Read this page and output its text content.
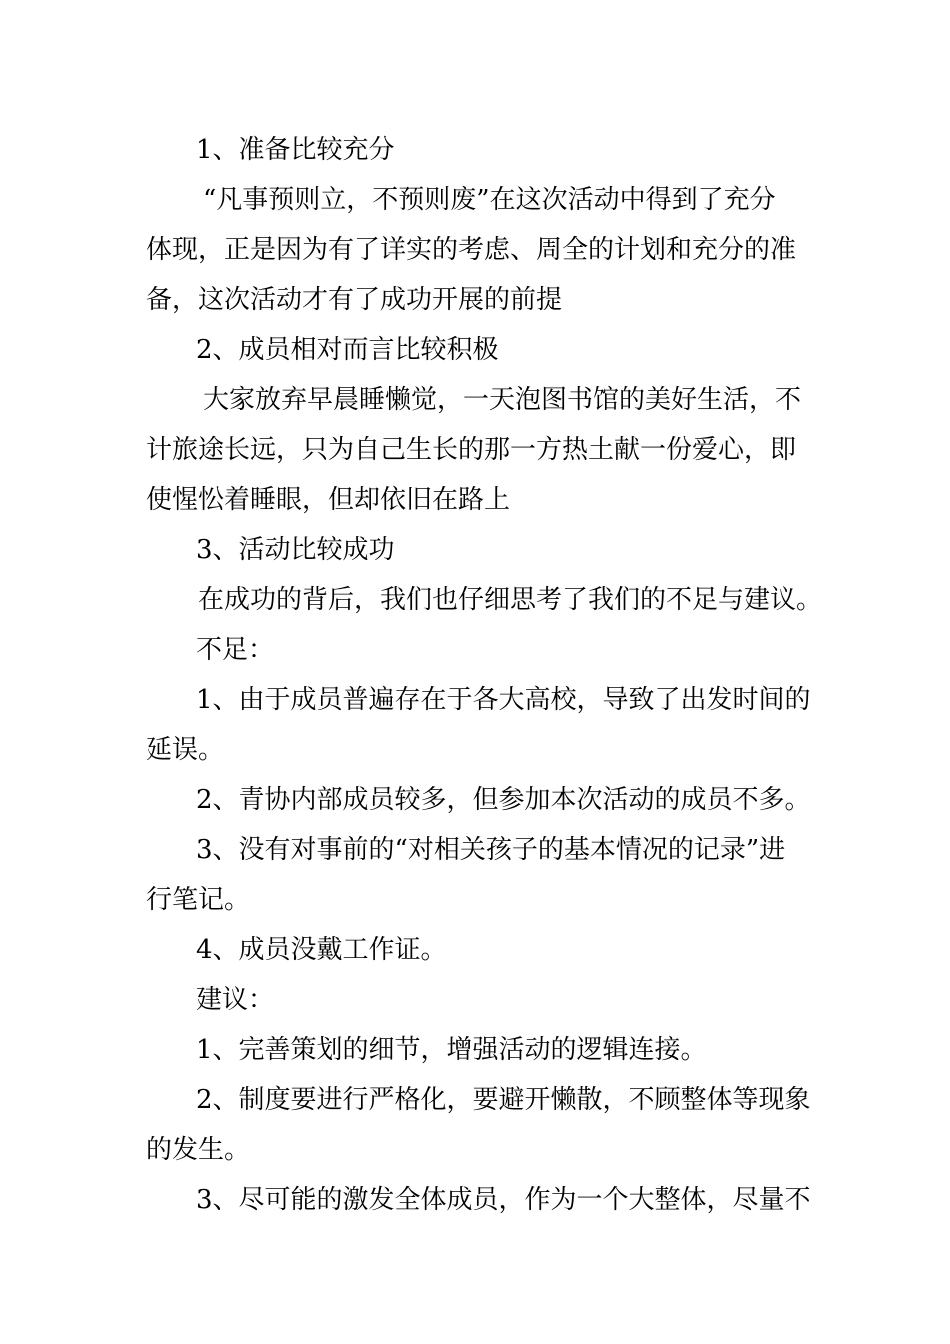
1、准备比较充分

“凡事预则立，不预则废”在这次活动中得到了充分

体现，正是因为有了详实的考虑、周全的计划和充分的准

备，这次活动才有了成功开展的前提

2、成员相对而言比较积极

大家放弃早晨睡懒觉，一天泡图书馆的美好生活，不

计旅途长远，只为自己生长的那一方热土献一份爱心，即

使惺忪着睡眼，但却依旧在路上

3、活动比较成功

在成功的背后，我们也仔细思考了我们的不足与建议。

不足：

1、由于成员普遍存在于各大高校，导致了出发时间的

延误。

2、青协内部成员较多，但参加本次活动的成员不多。

3、没有对事前的“对相关孩子的基本情况的记录”进

行笔记。

4、成员没戴工作证。

建议：

1、完善策划的细节，增强活动的逻辑连接。

2、制度要进行严格化，要避开懒散，不顾整体等现象

的发生。

3、尽可能的激发全体成员，作为一个大整体，尽量不
